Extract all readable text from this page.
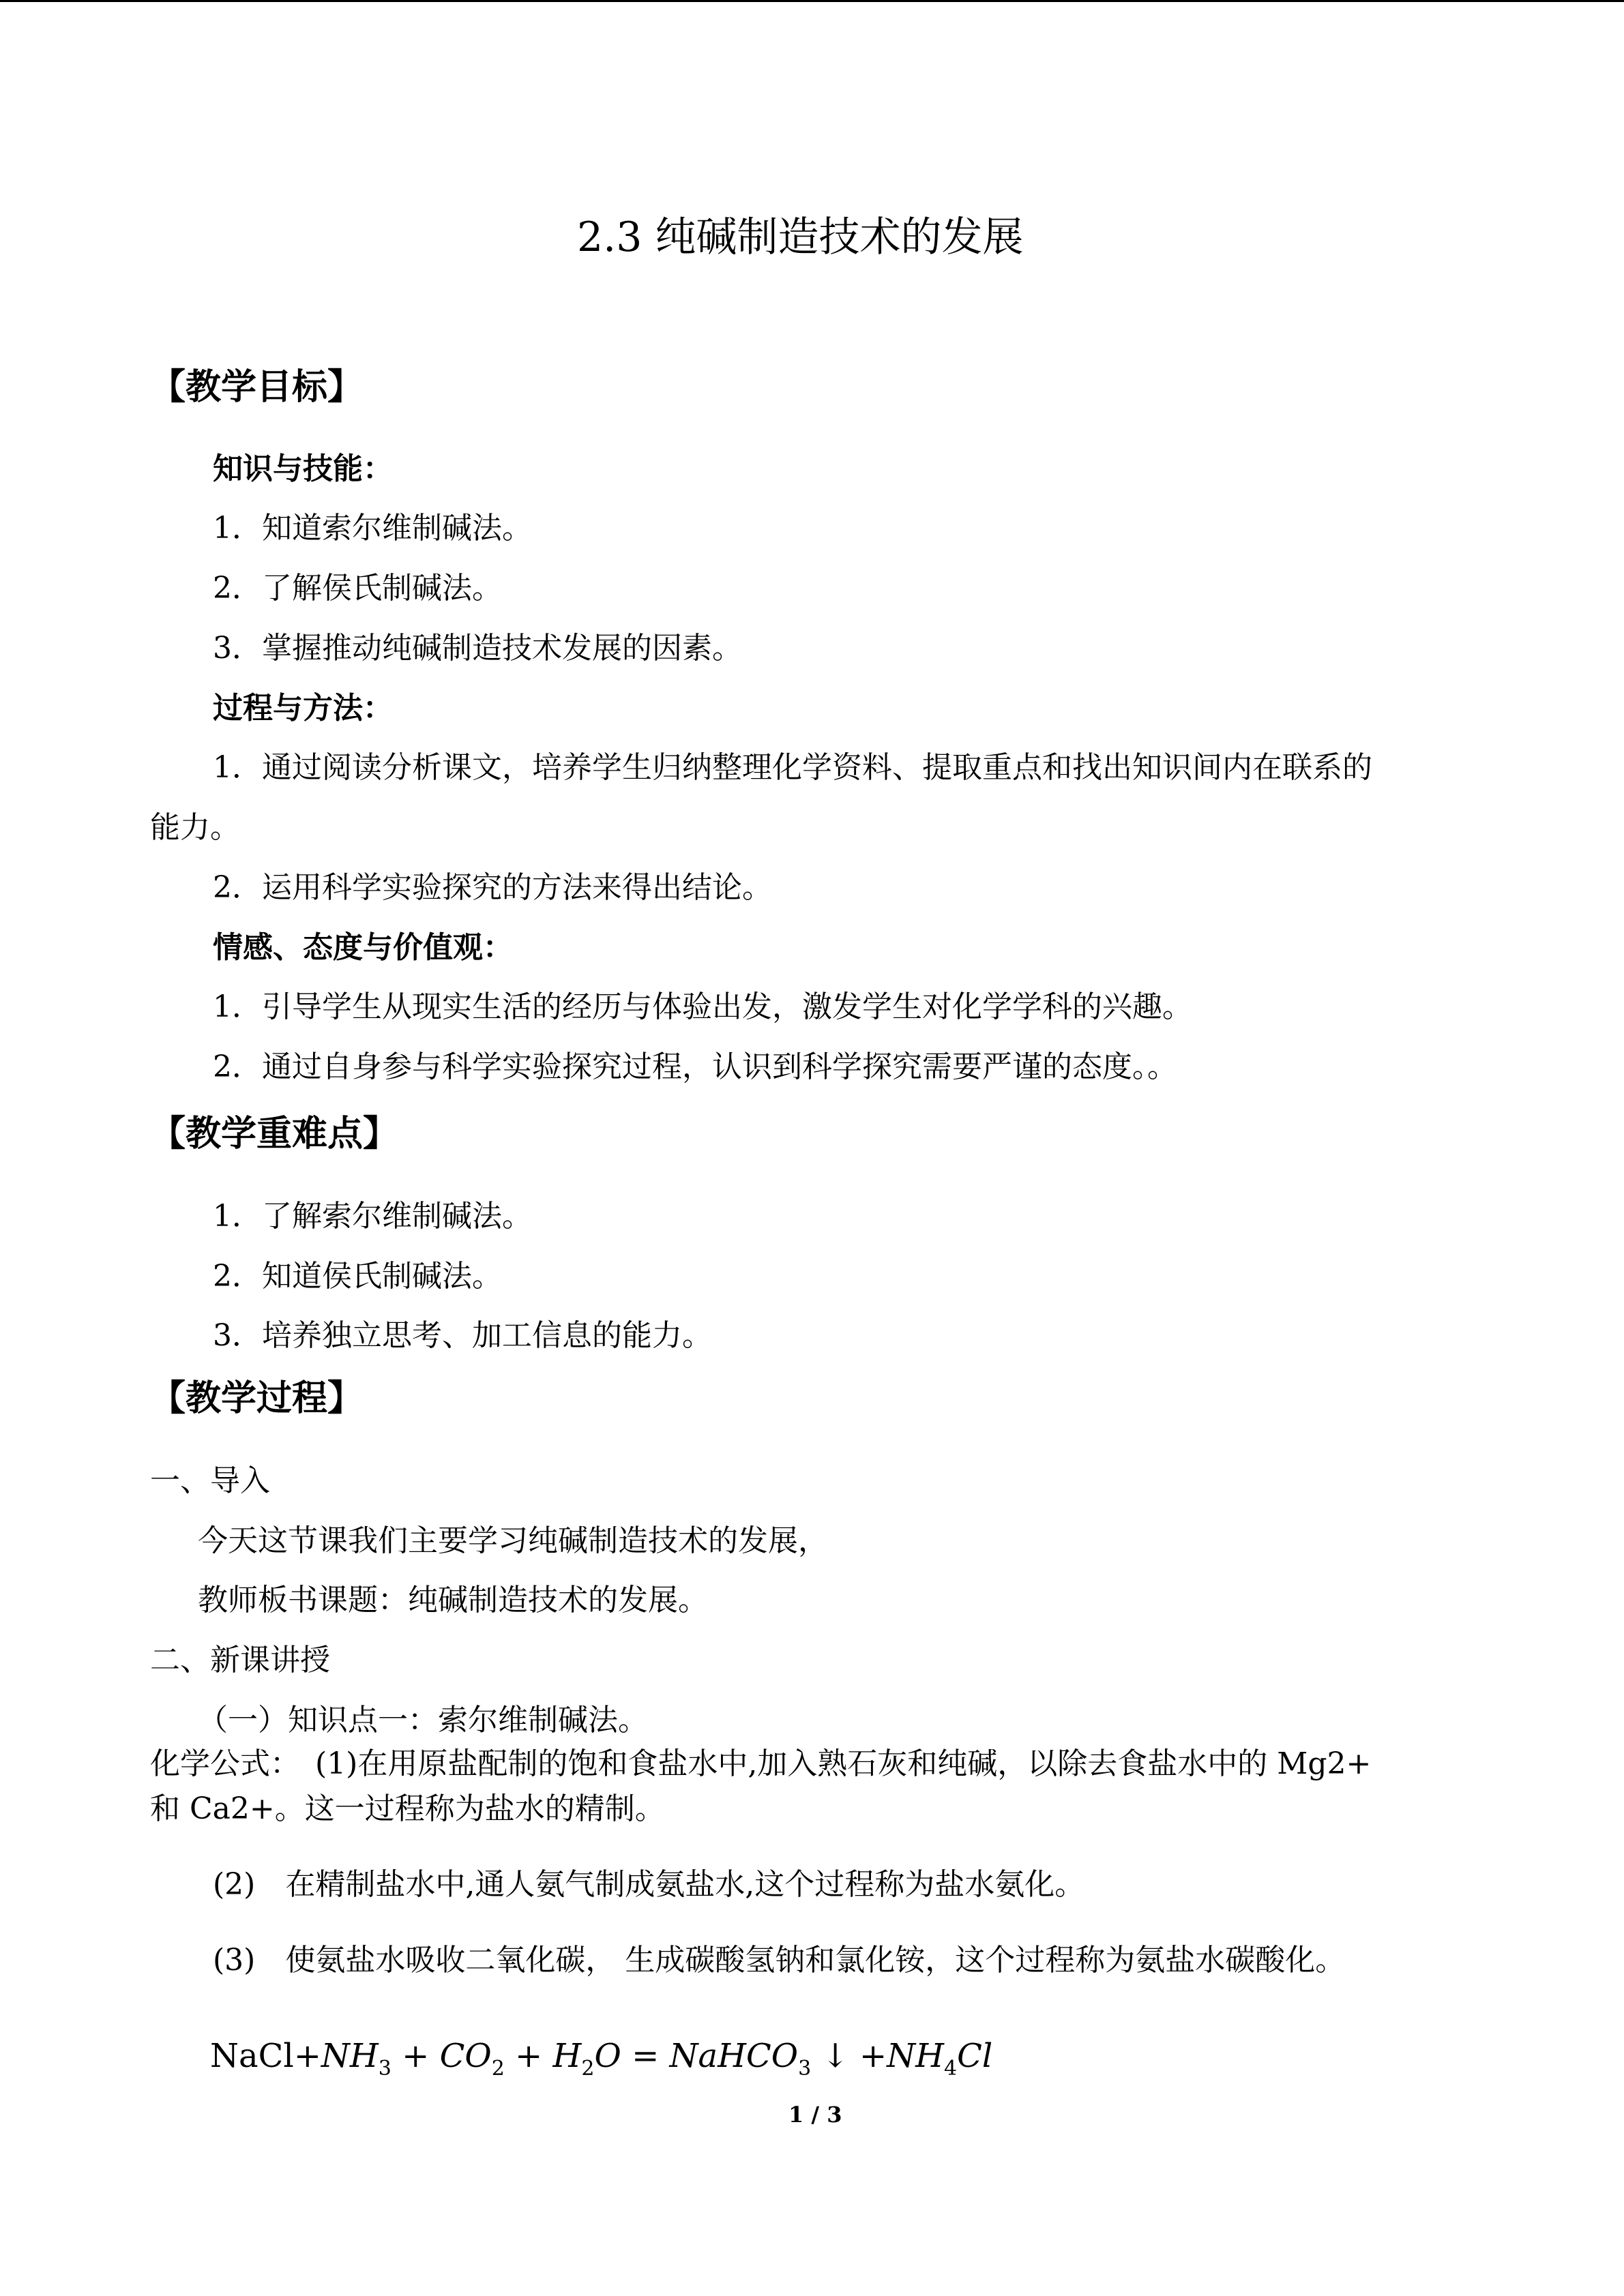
2.3 纯碱制造技术的发展
【教学目标】
知识与技能：
1．知道索尔维制碱法。
2．了解侯氏制碱法。
3．掌握推动纯碱制造技术发展的因素。
过程与方法：
1．通过阅读分析课文，培养学生归纳整理化学资料、提取重点和找出知识间内在联系的
能力。
2．运用科学实验探究的方法来得出结论。
情感、态度与价值观：
1．引导学生从现实生活的经历与体验出发，激发学生对化学学科的兴趣。
2．通过自身参与科学实验探究过程，认识到科学探究需要严谨的态度。。
【教学重难点】
1．了解索尔维制碱法。
2．知道侯氏制碱法。
3．培养独立思考、加工信息的能力。
【教学过程】
一、导入
今天这节课我们主要学习纯碱制造技术的发展，
教师板书课题：纯碱制造技术的发展。
二、新课讲授
（一）知识点一：索尔维制碱法。
化学公式：　(1)在用原盐配制的饱和食盐水中,加入熟石灰和纯碱，以除去食盐水中的 Mg2+
和 Ca2+。这一过程称为盐水的精制。
(2)　在精制盐水中,通人氨气制成氨盐水,这个过程称为盐水氨化。
(3)　使氨盐水吸收二氧化碳， 生成碳酸氢钠和氯化铵，这个过程称为氨盐水碳酸化。
$NaCl+NH_3 + CO_2 + H_2O$ = NaHCO$_3$ ↓ $+NH_4Cl$
1 / 3
